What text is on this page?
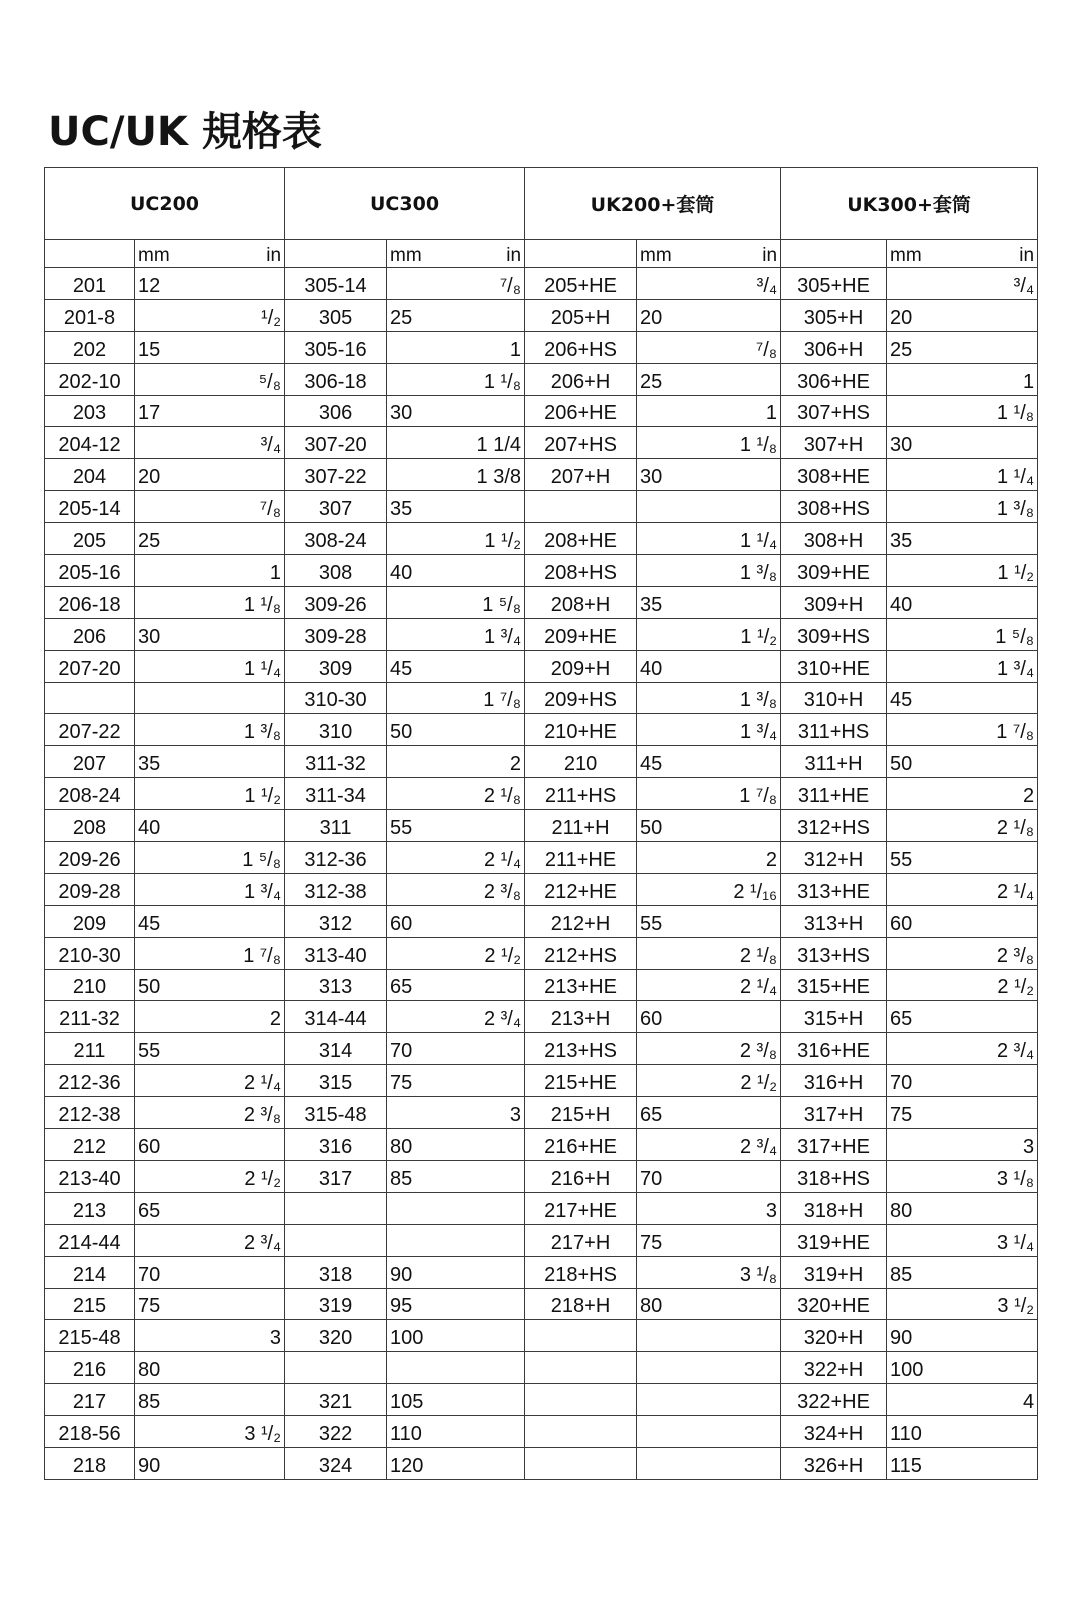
UC/UK 規格表
UC200		UC300		UK200+套筒		UK300+套筒	

	mm in		mm in		mm in		mm in

201	12	305-14	⁷/₈	205+HE	³/₄	305+HE	³/₄
201-8	¹/₂	305	25	205+H	20	305+H	20
202	15	305-16	1	206+HS	⁷/₈	306+H	25
202-10	⁵/₈	306-18	1 ¹/₈	206+H	25	306+HE	1
203	17	306	30	206+HE	1	307+HS	1 ¹/₈
204-12	³/₄	307-20	1 1/4	207+HS	1 ¹/₈	307+H	30
204	20	307-22	1 3/8	207+H	30	308+HE	1 ¹/₄
205-14	⁷/₈	307	35			308+HS	1 ³/₈
205	25	308-24	1 ¹/₂	208+HE	1 ¹/₄	308+H	35
205-16	1	308	40	208+HS	1 ³/₈	309+HE	1 ¹/₂
206-18	1 ¹/₈	309-26	1 ⁵/₈	208+H	35	309+H	40
206	30	309-28	1 ³/₄	209+HE	1 ¹/₂	309+HS	1 ⁵/₈
207-20	1 ¹/₄	309	45	209+H	40	310+HE	1 ³/₄
		310-30	1 ⁷/₈	209+HS	1 ³/₈	310+H	45
207-22	1 ³/₈	310	50	210+HE	1 ³/₄	311+HS	1 ⁷/₈
207	35	311-32	2	210	45	311+H	50
208-24	1 ¹/₂	311-34	2 ¹/₈	211+HS	1 ⁷/₈	311+HE	2
208	40	311	55	211+H	50	312+HS	2 ¹/₈
209-26	1 ⁵/₈	312-36	2 ¹/₄	211+HE	2	312+H	55
209-28	1 ³/₄	312-38	2 ³/₈	212+HE	2 ¹/₁₆	313+HE	2 ¹/₄
209	45	312	60	212+H	55	313+H	60
210-30	1 ⁷/₈	313-40	2 ¹/₂	212+HS	2 ¹/₈	313+HS	2 ³/₈
210	50	313	65	213+HE	2 ¹/₄	315+HE	2 ¹/₂
211-32	2	314-44	2 ³/₄	213+H	60	315+H	65
211	55	314	70	213+HS	2 ³/₈	316+HE	2 ³/₄
212-36	2 ¹/₄	315	75	215+HE	2 ¹/₂	316+H	70
212-38	2 ³/₈	315-48	3	215+H	65	317+H	75
212	60	316	80	216+HE	2 ³/₄	317+HE	3
213-40	2 ¹/₂	317	85	216+H	70	318+HS	3 ¹/₈
213	65			217+HE	3	318+H	80
214-44	2 ³/₄			217+H	75	319+HE	3 ¹/₄
214	70	318	90	218+HS	3 ¹/₈	319+H	85
215	75	319	95	218+H	80	320+HE	3 ¹/₂
215-48	3	320	100			320+H	90
216	80					322+H	100
217	85	321	105			322+HE	4
218-56	3 ¹/₂	322	110			324+H	110
218	90	324	120			326+H	115
